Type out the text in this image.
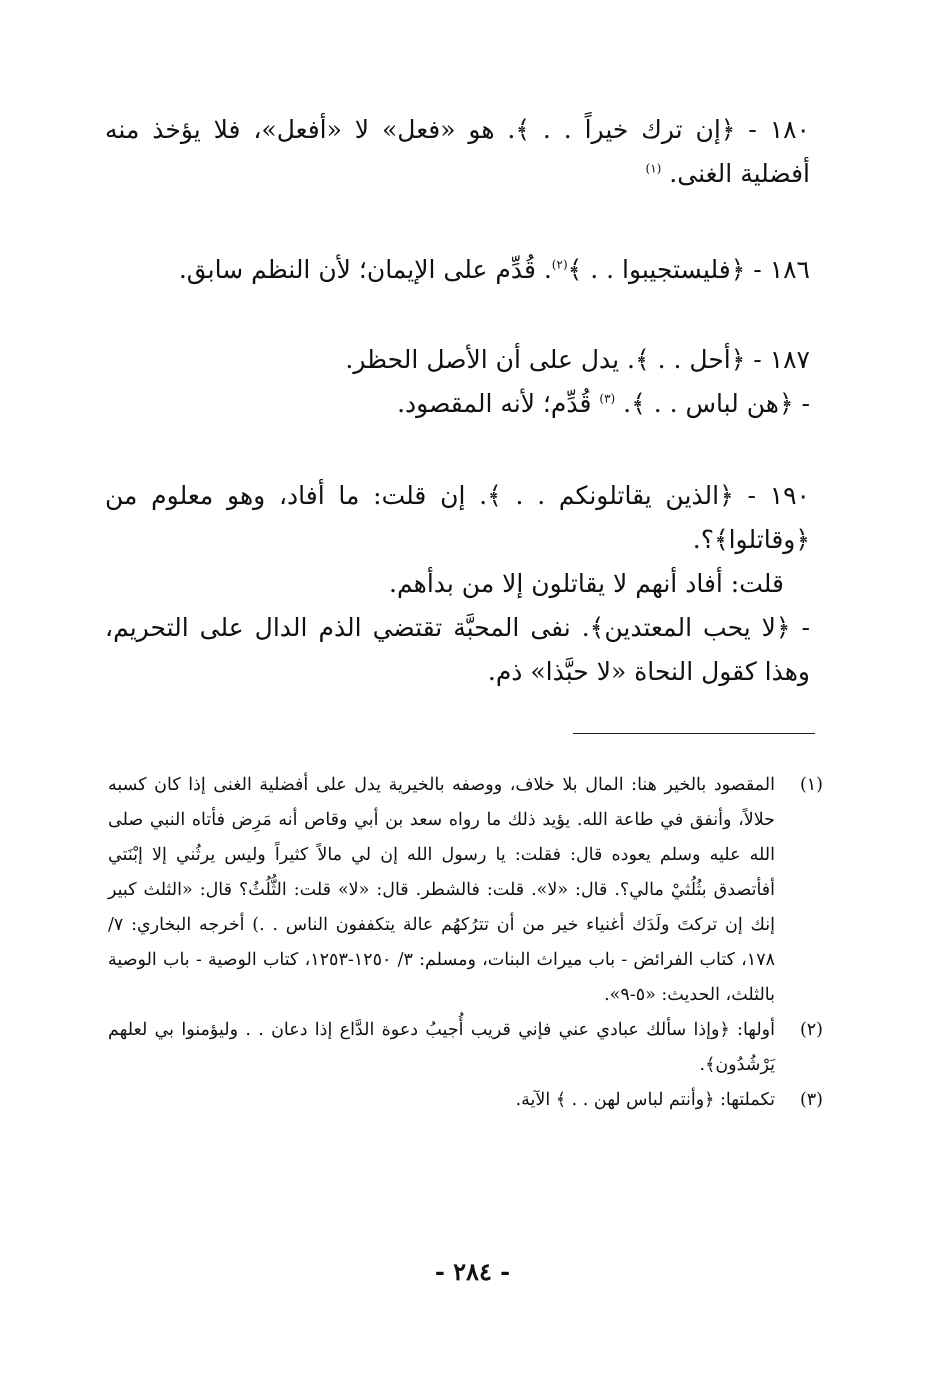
١٨٠ - ﴿إن ترك خيراً . . ﴾. هو «فعل» لا «أفعل»، فلا يؤخذ منه أفضلية الغنى. $^{(١)}$

١٨٦ - ﴿فليستجيبوا . . ﴾$^{(٢)}$. قُدِّم على الإيمان؛ لأن النظم سابق.

١٨٧ - ﴿أحل . . ﴾. يدل على أن الأصل الحظر.

- ﴿هن لباس . . ﴾. $^{(٣)}$ قُدِّم؛ لأنه المقصود.

١٩٠ - ﴿الذين يقاتلونكم . . ﴾. إن قلت: ما أفاد، وهو معلوم من ﴿وقاتلوا﴾؟.

قلت: أفاد أنهم لا يقاتلون إلا من بدأهم.

- ﴿لا يحب المعتدين﴾. نفى المحبَّة تقتضي الذم الدال على التحريم، وهذا كقول النحاة «لا حبَّذا» ذم.

(١)
المقصود بالخير هنا: المال بلا خلاف، ووصفه بالخيرية يدل على أفضلية الغنى إذا كان كسبه حلالاً، وأنفق في طاعة الله. يؤيد ذلك ما رواه سعد بن أبي وقاص أنه مَرِض فأتاه النبي صلى الله عليه وسلم يعوده قال: فقلت: يا رسول الله إن لي مالاً كثيراً وليس يرثُني إلا إبْنَتي أفأتصدق بثُلُثيْ مالي؟. قال: «لا». قلت: فالشطر. قال: «لا» قلت: الثُّلُثُ؟ قال: «الثلث كبير إنك إن تركتَ ولَدَك أغنياء خير من أن تترُكهُم عالة يتكففون الناس . .) أخرجه البخاري: ٧/ ١٧٨، كتاب الفرائض - باب ميراث البنات، ومسلم: ٣/ ١٢٥٠-١٢٥٣، كتاب الوصية - باب الوصية بالثلث، الحديث: «٥-٩».

(٢)
أولها: ﴿وإذا سألك عبادي عني فإني قريب أُجيبُ دعوة الدَّاع إذا دعان . . وليؤمنوا بي لعلهم يَرْشُدُون﴾.

(٣)
تكملتها: ﴿وأنتم لباس لهن . . ﴾ الآية.

- ٢٨٤ -
